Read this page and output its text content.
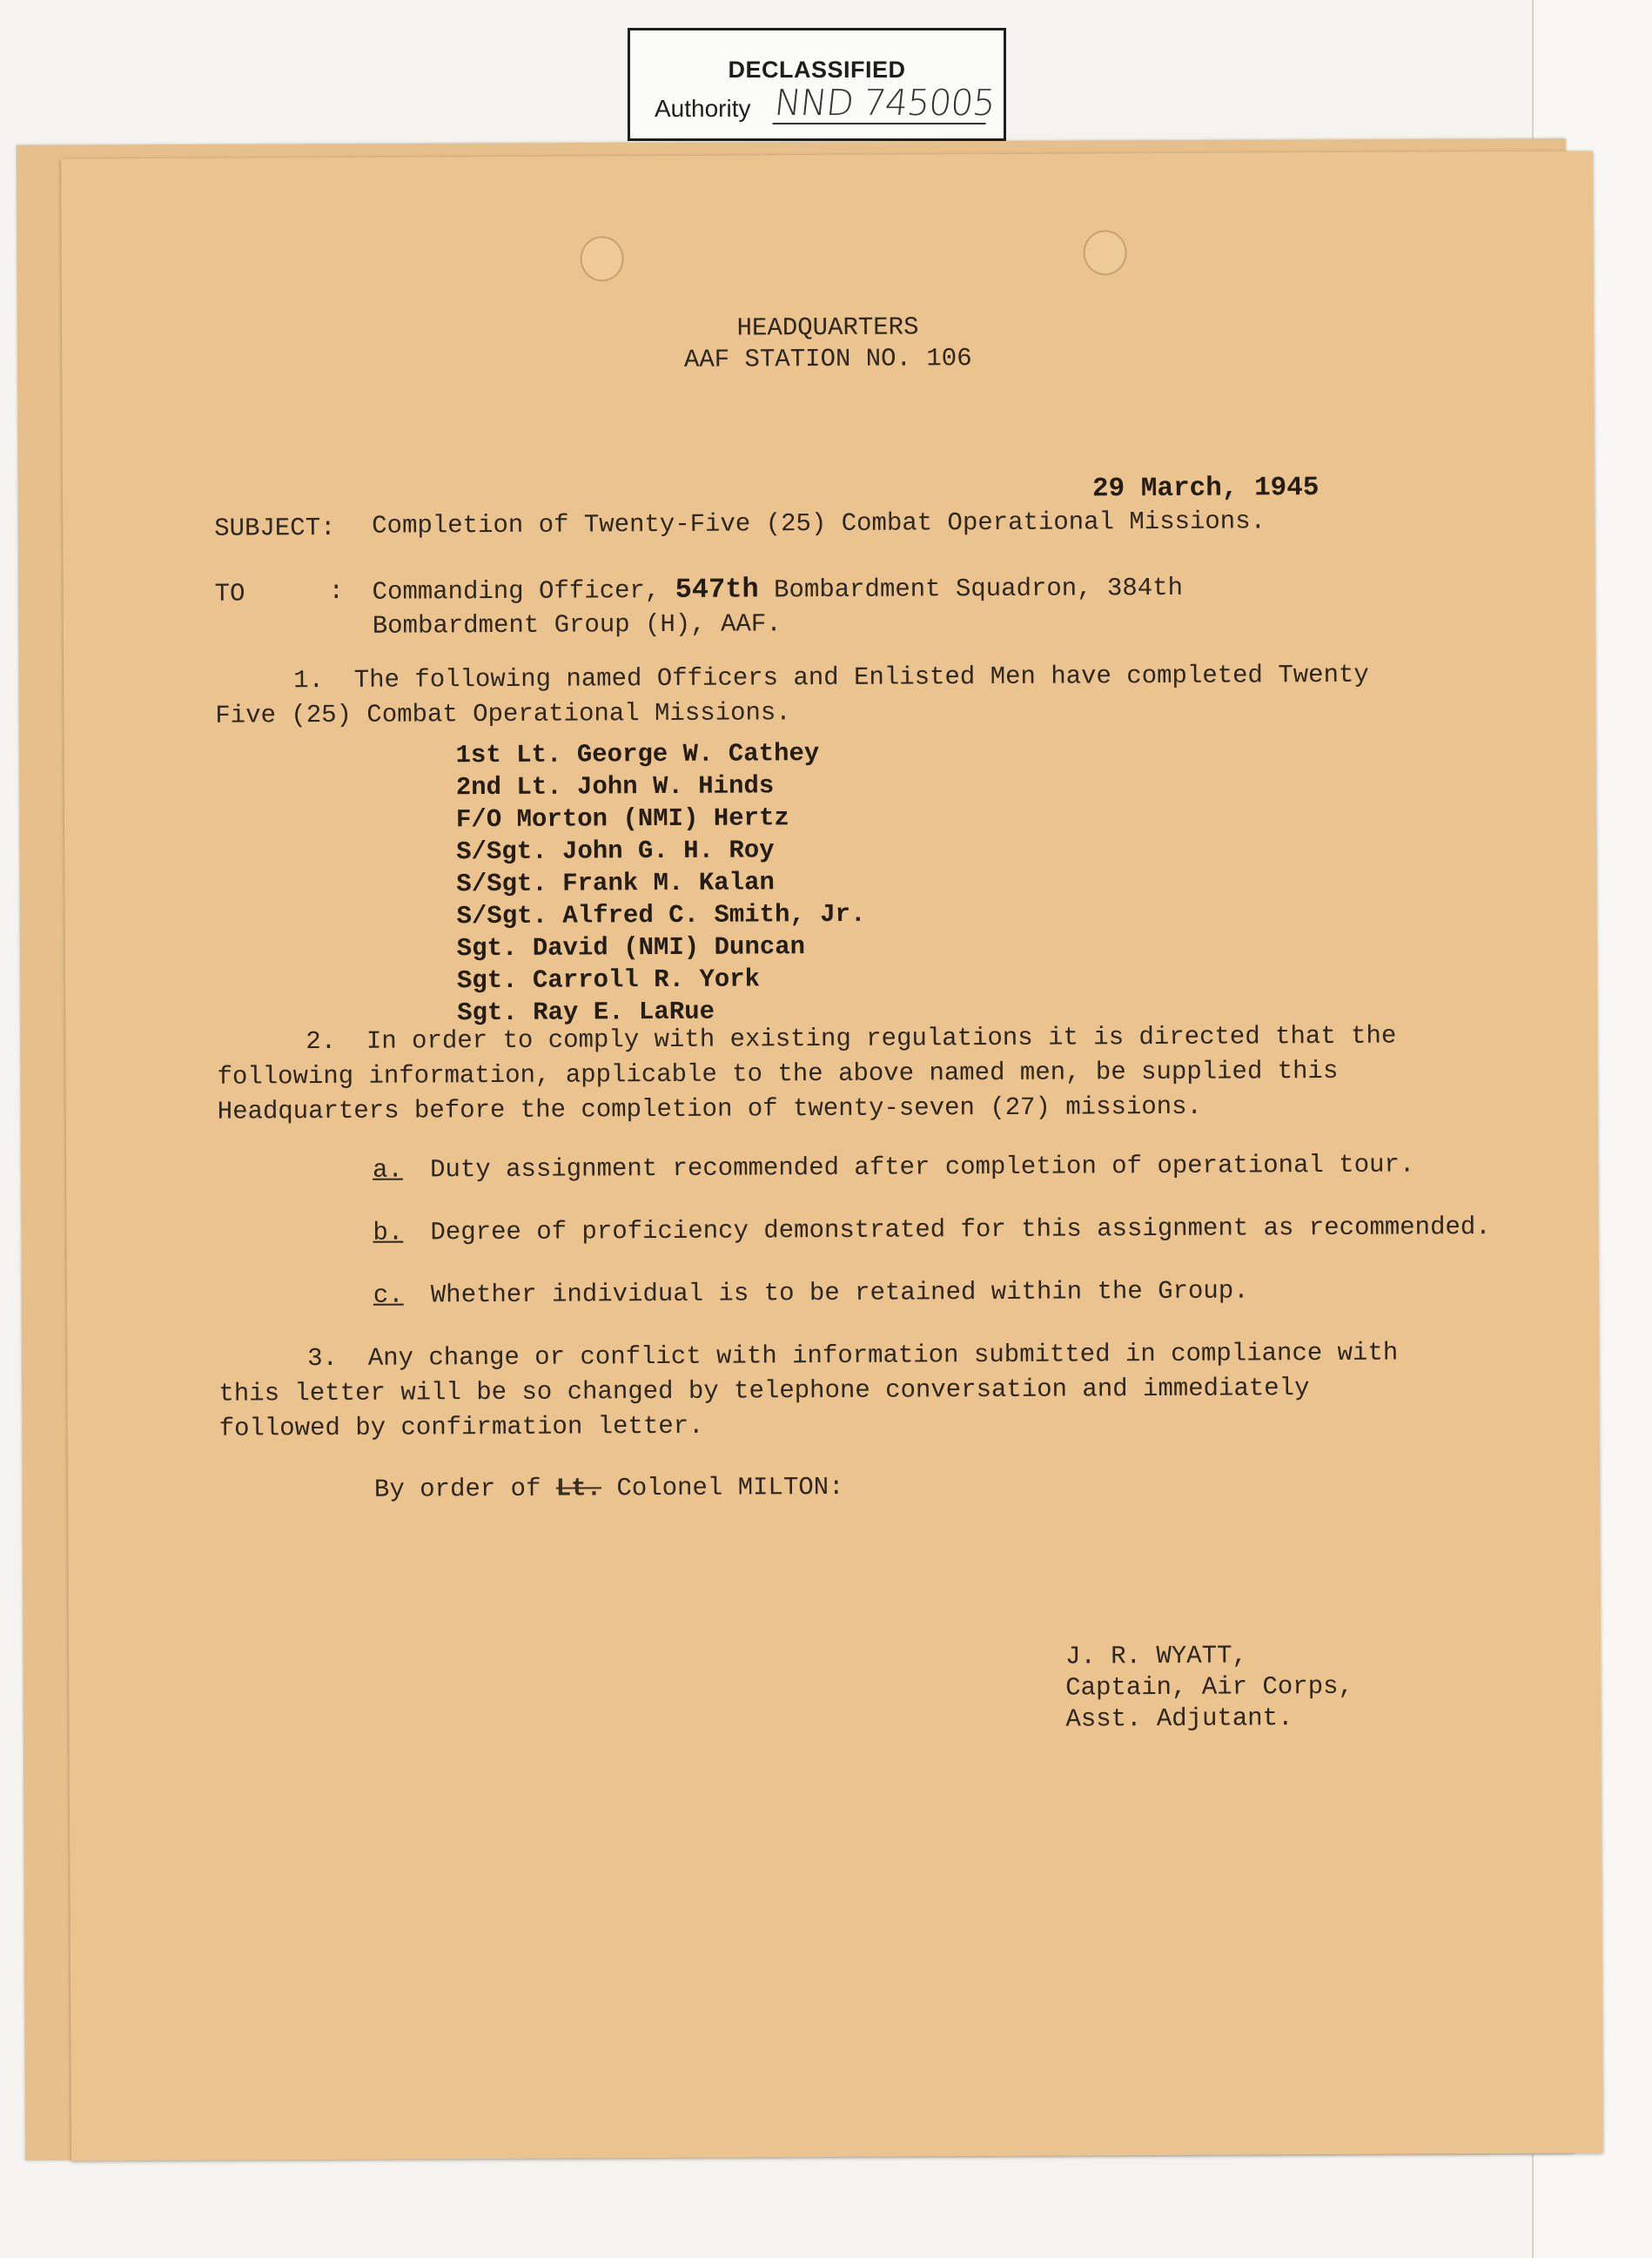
DECLASSIFIED
Authority NND 745005
HEADQUARTERS
AAF STATION NO. 106
29 March, 1945
SUBJECT: Completion of Twenty-Five (25) Combat Operational Missions.
TO	: Commanding Officer, 547th Bombardment Squadron, 384th
Bombardment Group (H), AAF.
1.  The following named Officers and Enlisted Men have completed Twenty
Five (25) Combat Operational Missions.
1st Lt. George W. Cathey
2nd Lt. John W. Hinds
F/O Morton (NMI) Hertz
S/Sgt. John G. H. Roy
S/Sgt. Frank M. Kalan
S/Sgt. Alfred C. Smith, Jr.
Sgt. David (NMI) Duncan
Sgt. Carroll R. York
Sgt. Ray E. LaRue
2.  In order to comply with existing regulations it is directed that the
following information, applicable to the above named men, be supplied this
Headquarters before the completion of twenty-seven (27) missions.
a. Duty assignment recommended after completion of operational tour.
b. Degree of proficiency demonstrated for this assignment as recommended.
c. Whether individual is to be retained within the Group.
3.  Any change or conflict with information submitted in compliance with
this letter will be so changed by telephone conversation and immediately
followed by confirmation letter.
By order of Lt. Colonel MILTON:
J. R. WYATT,
Captain, Air Corps,
Asst. Adjutant.
